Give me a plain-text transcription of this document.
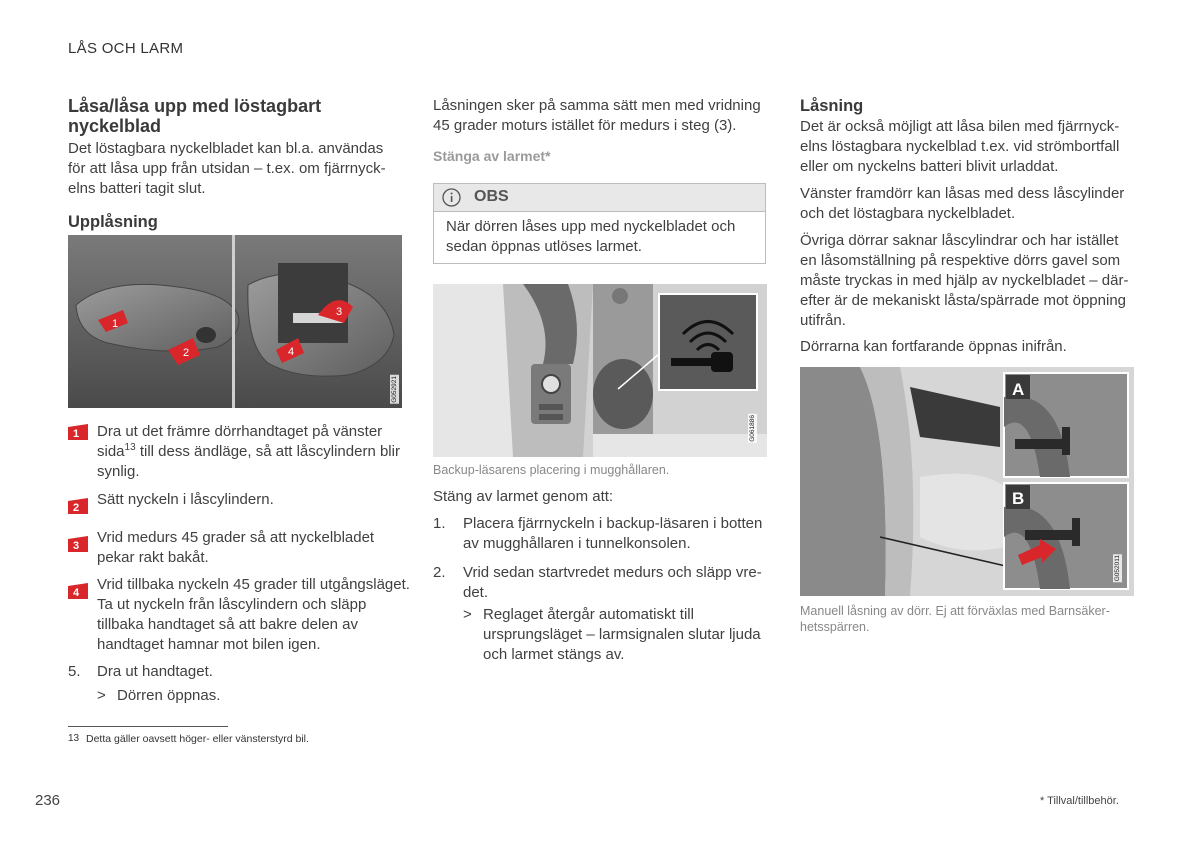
LÅS OCH LARM
Låsa/låsa upp med löstagbart nyckelblad

Det löstagbara nyckelbladet kan bl.a. användas för att låsa upp från utsidan – t.ex. om fjärrnyckelns batteri tagit slut.

Upplåsning
1
2
3
4
G052921
1 Dra ut det främre dörrhandtaget på vänster sida$^{13}$ till dess ändläge, så att låscylindern blir synlig.
2 Sätt nyckeln i låscylindern.
3 Vrid medurs 45 grader så att nyckelbladet pekar rakt bakåt.
4 Vrid tillbaka nyckeln 45 grader till utgångsläget. Ta ut nyckeln från låscylindern och släpp tillbaka handtaget så att bakre delen av handtaget hamnar mot bilen igen.
5. Dra ut handtaget.
> Dörren öppnas.

Låsningen sker på samma sätt men med vridning 45 grader moturs istället för medurs i steg (3).

Stänga av larmet*
OBS

När dörren låses upp med nyckelbladet och sedan öppnas utlöses larmet.

G061886
Backup-läsarens placering i mugghållaren.

Stäng av larmet genom att:

1. Placera fjärrnyckeln i backup-läsaren i botten av mugghållaren i tunnelkonsolen.

2. Vrid sedan startvredet medurs och släpp vredet.

> Reglaget återgår automatiskt till ursprungsläget – larmsignalen slutar ljuda och larmet stängs av.

Låsning

Det är också möjligt att låsa bilen med fjärrnyckelns löstagbara nyckelblad t.ex. vid strömbortfall eller om nyckelns batteri blivit urladdat.

Vänster framdörr kan låsas med dess låscylinder och det löstagbara nyckelbladet.

Övriga dörrar saknar låscylindrar och har istället en låsomställning på respektive dörrs gavel som måste tryckas in med hjälp av nyckelbladet – därefter är de mekaniskt låsta/spärrade mot öppning utifrån.

Dörrarna kan fortfarande öppnas inifrån.

A
B
G052011
Manuell låsning av dörr. Ej att förväxlas med Barnsäkerhetsspärren.
13 Detta gäller oavsett höger- eller vänsterstyrd bil.
236	* Tillval/tillbehör.
